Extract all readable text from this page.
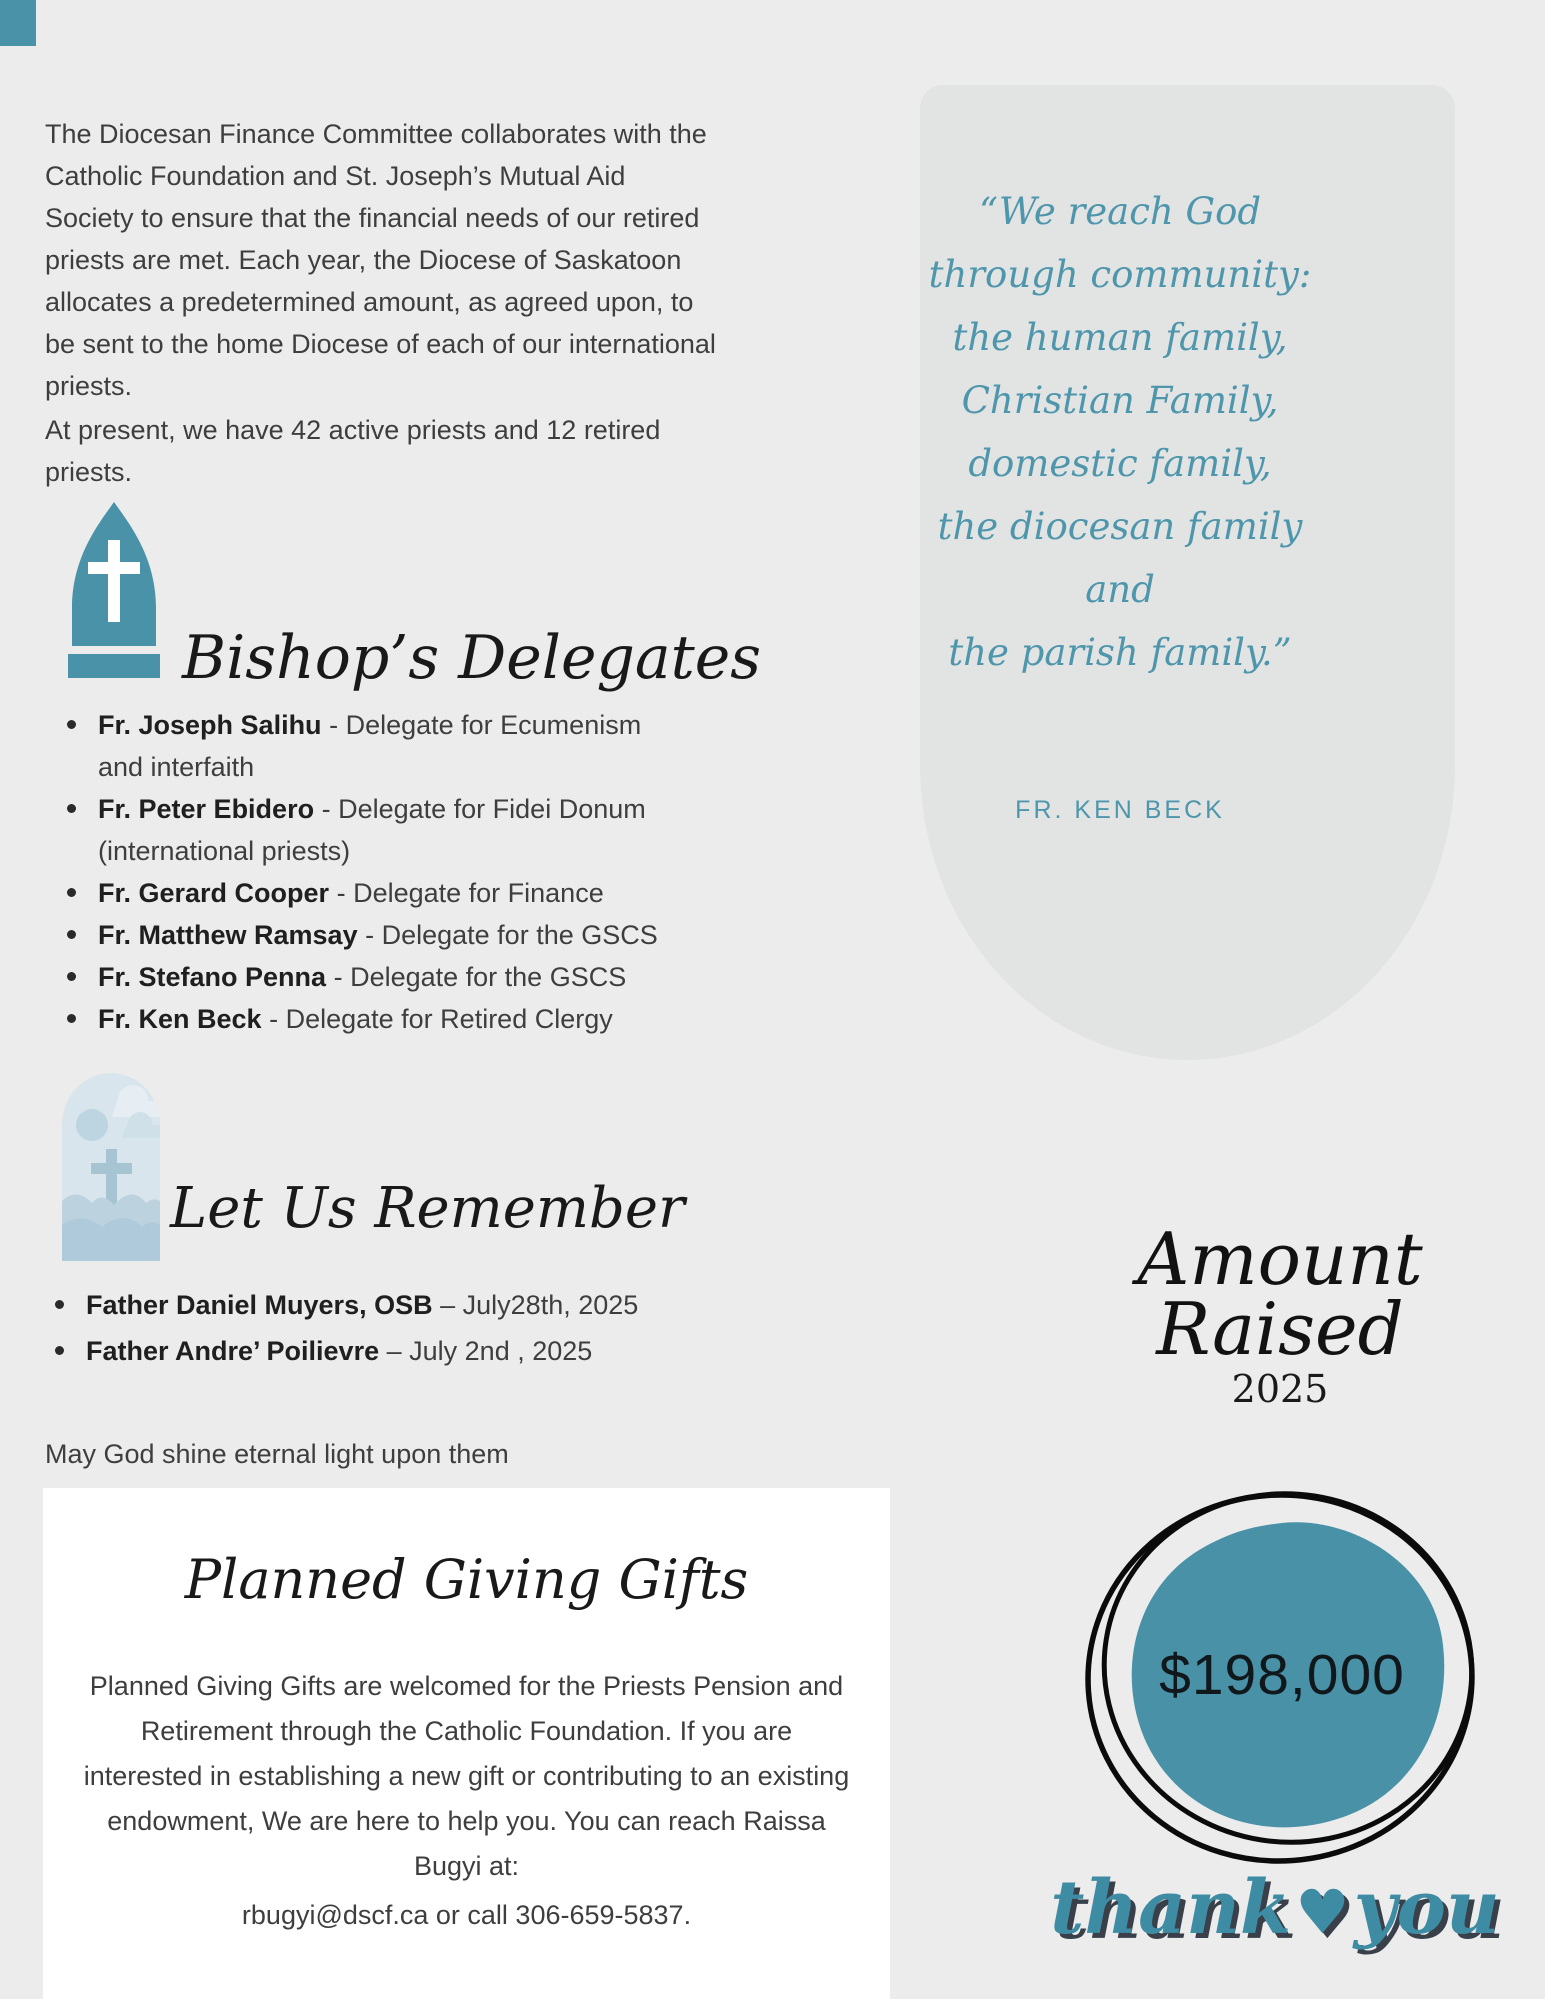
The Diocesan Finance Committee collaborates with the Catholic Foundation and St. Joseph’s Mutual Aid Society to ensure that the financial needs of our retired priests are met. Each year, the Diocese of Saskatoon allocates a predetermined amount, as agreed upon, to be sent to the home Diocese of each of our international priests.

At present, we have 42 active priests and 12 retired priests.

Bishop’s Delegates
Fr. Joseph Salihu - Delegate for Ecumenism and interfaith
Fr. Peter Ebidero - Delegate for Fidei Donum (international priests)
Fr. Gerard Cooper - Delegate for Finance
Fr. Matthew Ramsay - Delegate for the GSCS
Fr. Stefano Penna - Delegate for the GSCS
Fr. Ken Beck - Delegate for Retired Clergy
Let Us Remember
Father Daniel Muyers, OSB – July28th, 2025
Father Andre’ Poilievre – July 2nd , 2025

May God shine eternal light upon them

Planned Giving Gifts
Planned Giving Gifts are welcomed for the Priests Pension and Retirement through the Catholic Foundation. If you are interested in establishing a new gift or contributing to an existing endowment, We are here to help you. You can reach Raissa Bugyi at:
rbugyi@dscf.ca or call 306-659-5837.
“We reach God
through community:
the human family,
Christian Family,
domestic family,
the diocesan family
and
the parish family.”
FR. KEN BECK
Amount
Raised
2025
$198,000
thank♥you
